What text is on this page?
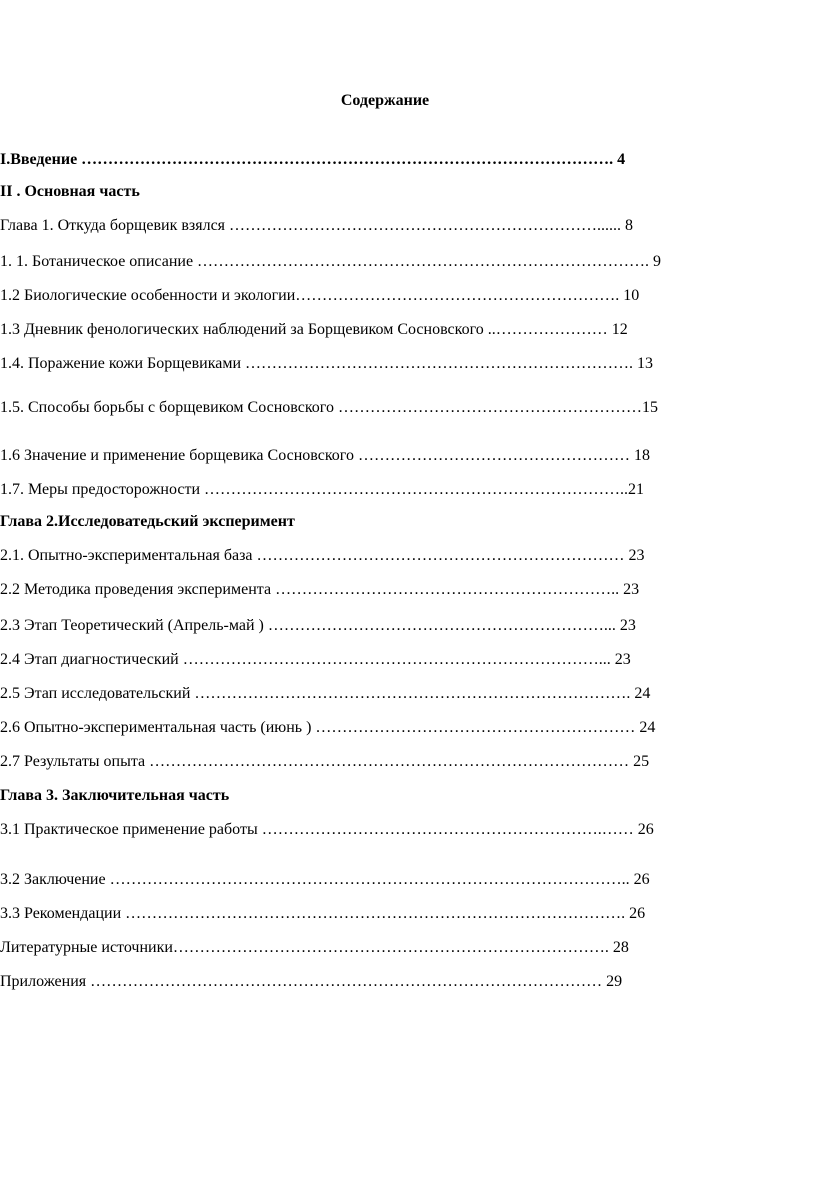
Содержание
I.Введение ………………………………………………………………………………………. 4
II . Основная часть
Глава 1. Откуда борщевик взялся ……………………………………………………………...... 8
1. 1. Ботаническое описание …………………………………………………………………………. 9
1.2 Биологические особенности и экологии……………………………………………………. 10
1.3 Дневник фенологических наблюдений за Борщевиком Сосновского ..………………… 12
1.4. Поражение кожи Борщевиками ………………………………………………………………. 13
1.5. Способы борьбы с борщевиком Сосновского …………………………………………………15
1.6 Значение и применение борщевика Сосновского …………………………………………… 18
1.7. Меры предосторожности ……………………………………………………………………..21
Глава 2.Исследоватедьский эксперимент
2.1. Опытно-экспериментальная база …………………………………………………………… 23
2.2 Методика проведения эксперимента ……………………………………………………….. 23
2.3 Этап Теоретический (Апрель-май ) ………………………………………………………... 23
2.4 Этап диагностический ……………………………………………………………………... 23
2.5 Этап исследовательский ………………………………………………………………………. 24
2.6 Опытно-экспериментальная часть (июнь ) …………………………………………………… 24
2.7 Результаты опыта ……………………………………………………………………………… 25
Глава 3. Заключительная часть
3.1 Практическое применение работы ……………………………………………………….…… 26
3.2 Заключение …………………………………………………………………………………….. 26
3.3 Рекомендации …………………………………………………………………………………. 26
Литературные источники………………………………………………………………………. 28
Приложения …………………………………………………………………………………… 29
